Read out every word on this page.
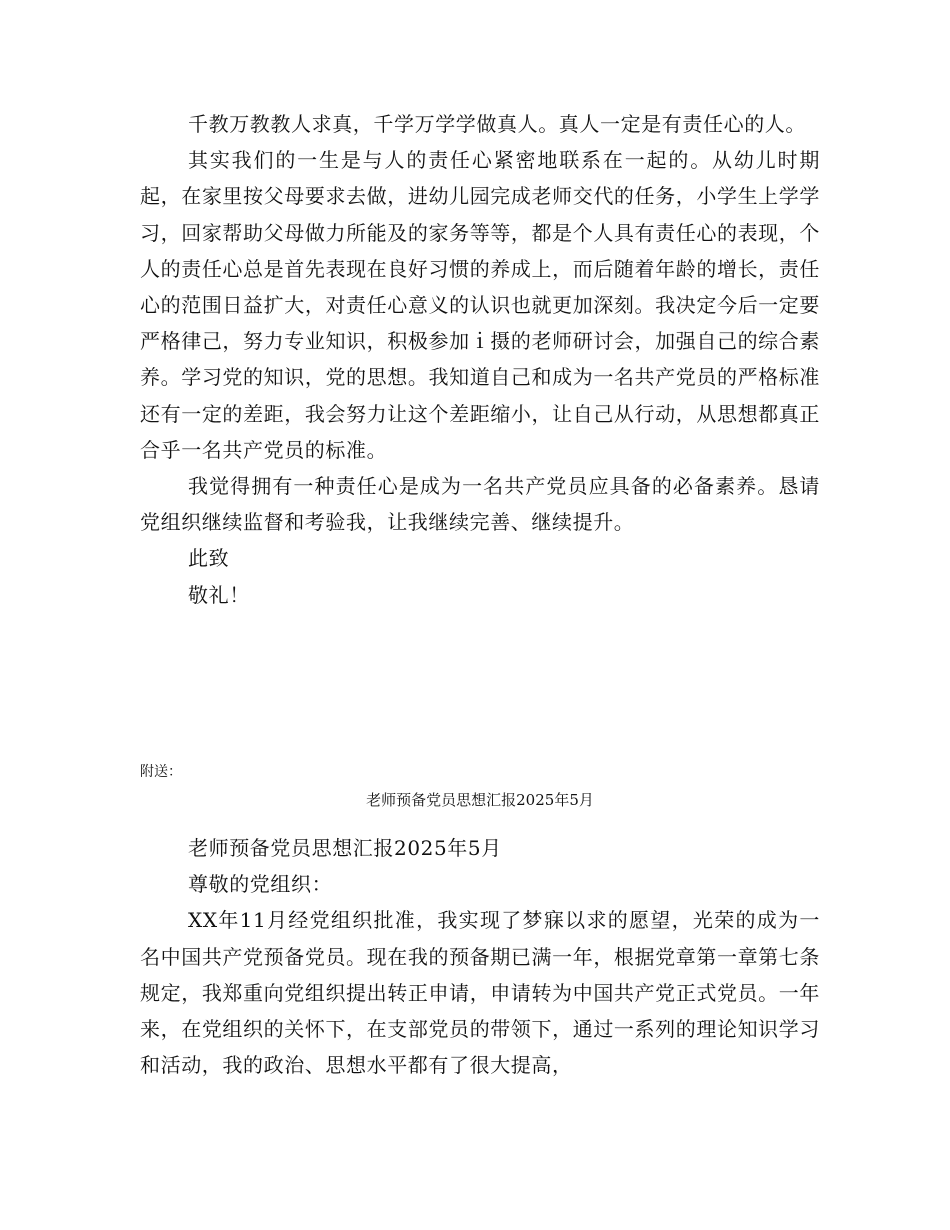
千教万教教人求真，千学万学学做真人。真人一定是有责任心的人。

其实我们的一生是与人的责任心紧密地联系在一起的。从幼儿时期起，在家里按父母要求去做，进幼儿园完成老师交代的任务，小学生上学学习，回家帮助父母做力所能及的家务等等，都是个人具有责任心的表现，个人的责任心总是首先表现在良好习惯的养成上，而后随着年龄的增长，责任心的范围日益扩大，对责任心意义的认识也就更加深刻。我决定今后一定要严格律己，努力专业知识，积极参加ｉ摄的老师研讨会，加强自己的综合素养。学习党的知识，党的思想。我知道自己和成为一名共产党员的严格标准还有一定的差距，我会努力让这个差距缩小，让自己从行动，从思想都真正合乎一名共产党员的标准。

我觉得拥有一种责任心是成为一名共产党员应具备的必备素养。恳请党组织继续监督和考验我，让我继续完善、继续提升。

此致

敬礼！

附送：
老师预备党员思想汇报2025年5月

老师预备党员思想汇报2025年5月

尊敬的党组织：

XX年11月经党组织批准，我实现了梦寐以求的愿望，光荣的成为一名中国共产党预备党员。现在我的预备期已满一年，根据党章第一章第七条规定，我郑重向党组织提出转正申请，申请转为中国共产党正式党员。一年来，在党组织的关怀下，在支部党员的带领下，通过一系列的理论知识学习和活动，我的政治、思想水平都有了很大提高，
